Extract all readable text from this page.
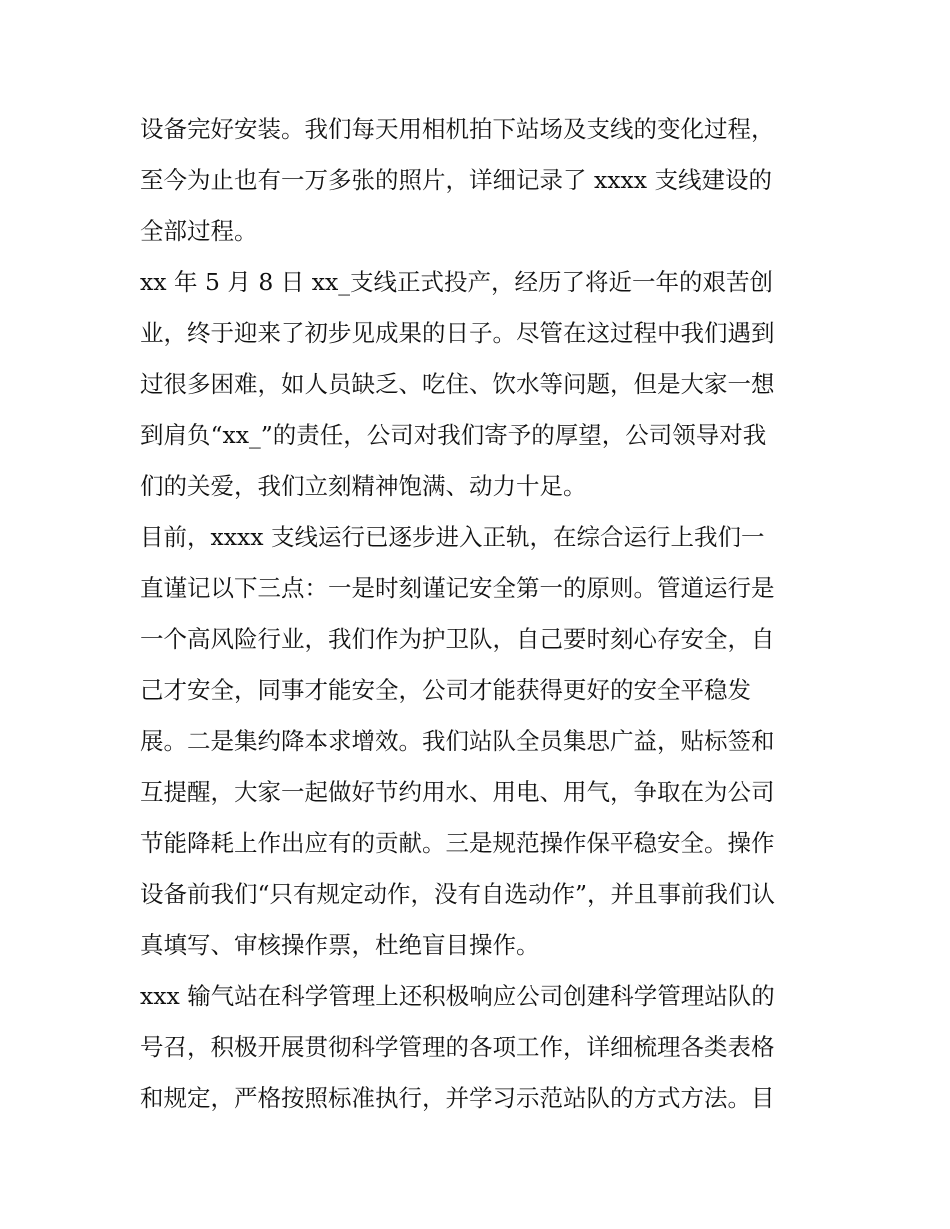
设备完好安装。我们每天用相机拍下站场及支线的变化过程，
至今为止也有一万多张的照片，详细记录了 xxxx 支线建设的
全部过程。
xx 年 5 月 8 日 xx_支线正式投产，经历了将近一年的艰苦创
业，终于迎来了初步见成果的日子。尽管在这过程中我们遇到
过很多困难，如人员缺乏、吃住、饮水等问题，但是大家一想
到肩负“xx_”的责任，公司对我们寄予的厚望，公司领导对我
们的关爱，我们立刻精神饱满、动力十足。
目前，xxxx 支线运行已逐步进入正轨，在综合运行上我们一
直谨记以下三点：一是时刻谨记安全第一的原则。管道运行是
一个高风险行业，我们作为护卫队，自己要时刻心存安全，自
己才安全，同事才能安全，公司才能获得更好的安全平稳发
展。二是集约降本求增效。我们站队全员集思广益，贴标签和
互提醒，大家一起做好节约用水、用电、用气，争取在为公司
节能降耗上作出应有的贡献。三是规范操作保平稳安全。操作
设备前我们“只有规定动作，没有自选动作”，并且事前我们认
真填写、审核操作票，杜绝盲目操作。
xxx 输气站在科学管理上还积极响应公司创建科学管理站队的
号召，积极开展贯彻科学管理的各项工作，详细梳理各类表格
和规定，严格按照标准执行，并学习示范站队的方式方法。目
